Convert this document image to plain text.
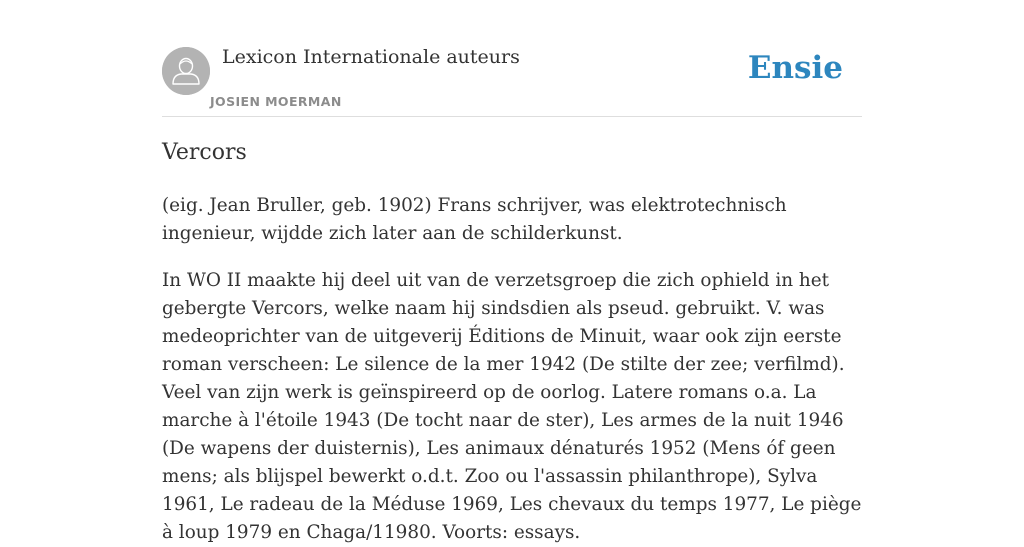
Lexicon Internationale auteurs
JOSIEN MOERMAN
Ensie
Vercors

(eig. Jean Bruller, geb. 1902) Frans schrijver, was elektrotechnisch ingenieur, wijdde zich later aan de schilderkunst.

In WO II maakte hij deel uit van de verzetsgroep die zich ophield in het gebergte Vercors, welke naam hij sindsdien als pseud. gebruikt. V. was medeoprichter van de uitgeverij Éditions de Minuit, waar ook zijn eerste roman verscheen: Le silence de la mer 1942 (De stilte der zee; verfilmd). Veel van zijn werk is geïnspireerd op de oorlog. Latere romans o.a. La marche à l'étoile 1943 (De tocht naar de ster), Les armes de la nuit 1946 (De wapens der duisternis), Les animaux dénaturés 1952 (Mens óf geen mens; als blijspel bewerkt o.d.t. Zoo ou l'assassin philanthrope), Sylva 1961, Le radeau de la Méduse 1969, Les chevaux du temps 1977, Le piège à loup 1979 en Chaga/11980. Voorts: essays.
